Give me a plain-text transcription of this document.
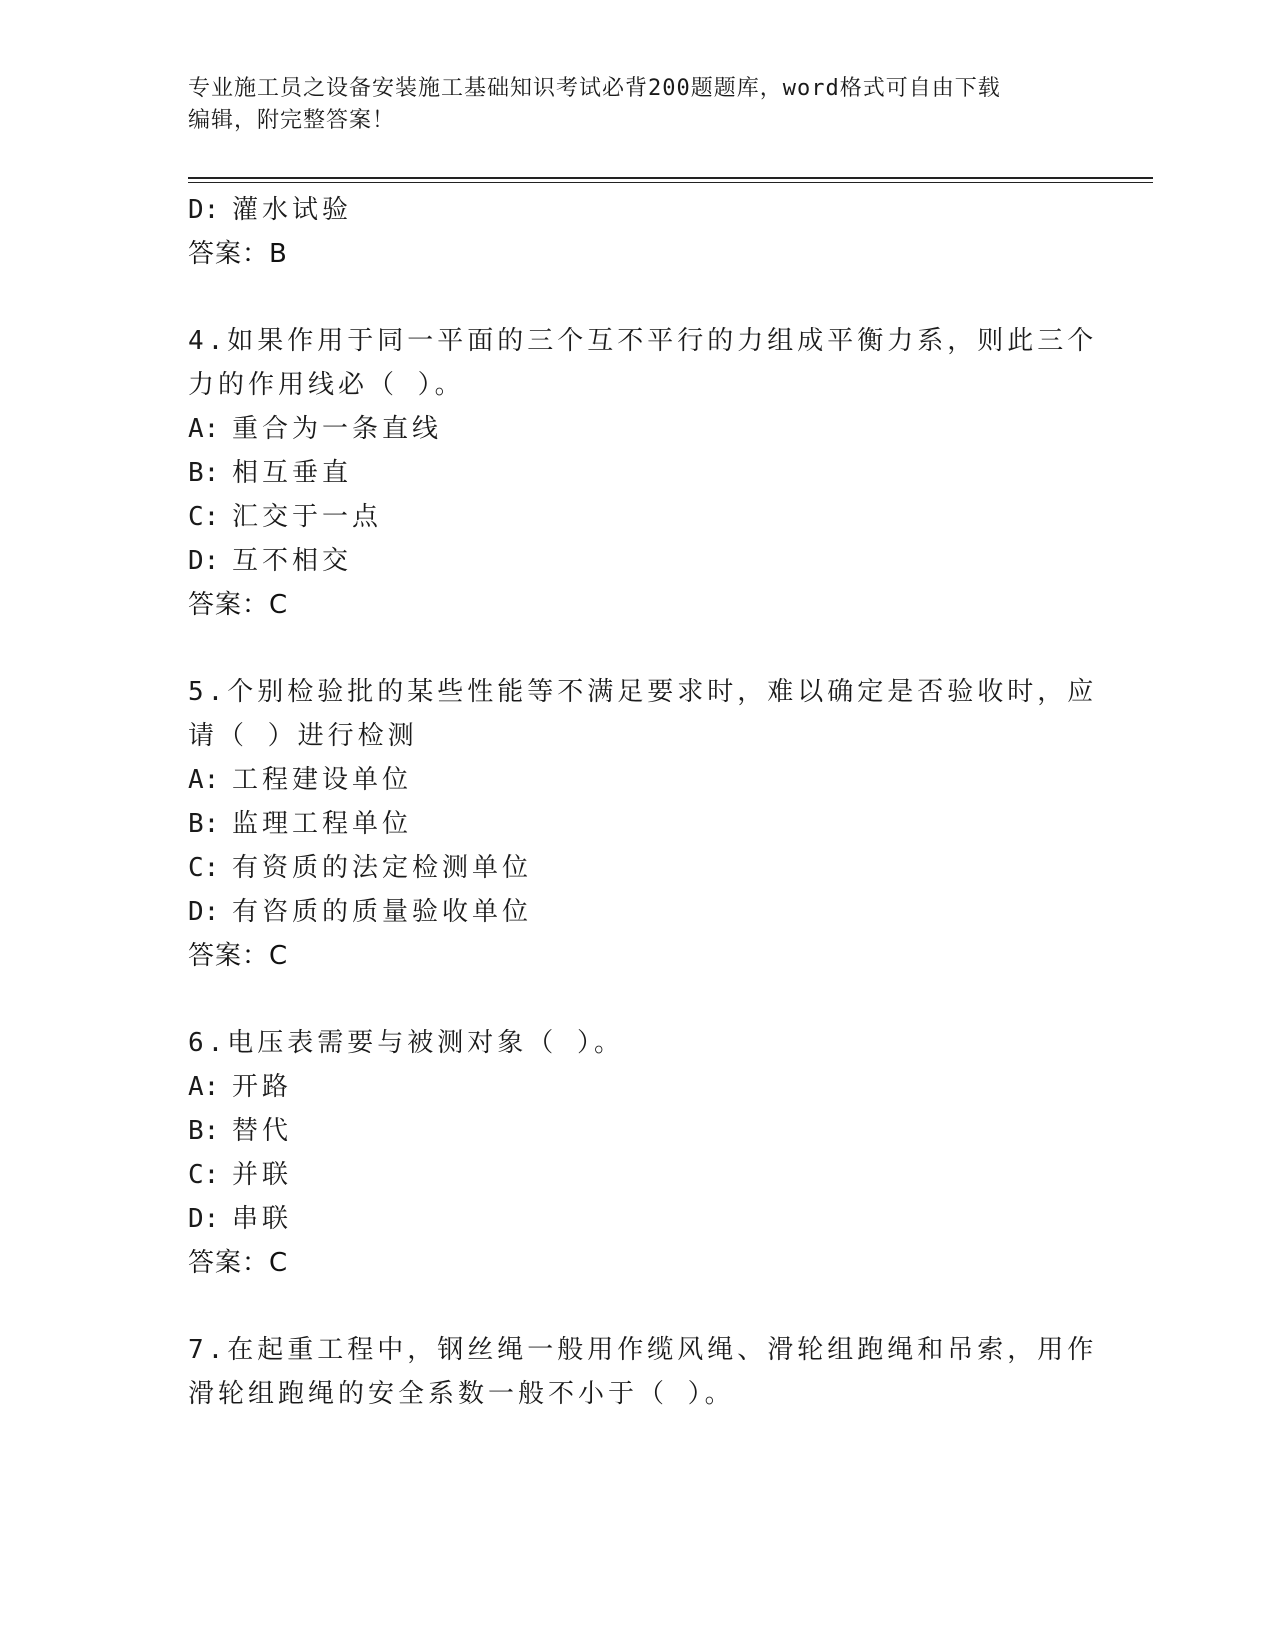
专业施工员之设备安装施工基础知识考试必背200题题库，word格式可自由下载
编辑，附完整答案！
D: 灌水试验
答案：B
4.如果作用于同一平面的三个互不平行的力组成平衡力系，则此三个
力的作用线必（ ）。
A: 重合为一条直线
B: 相互垂直
C: 汇交于一点
D: 互不相交
答案：C
5.个别检验批的某些性能等不满足要求时，难以确定是否验收时，应
请（ ）进行检测
A: 工程建设单位
B: 监理工程单位
C: 有资质的法定检测单位
D: 有咨质的质量验收单位
答案：C
6.电压表需要与被测对象（ ）。
A: 开路
B: 替代
C: 并联
D: 串联
答案：C
7.在起重工程中，钢丝绳一般用作缆风绳、滑轮组跑绳和吊索，用作
滑轮组跑绳的安全系数一般不小于（ ）。
